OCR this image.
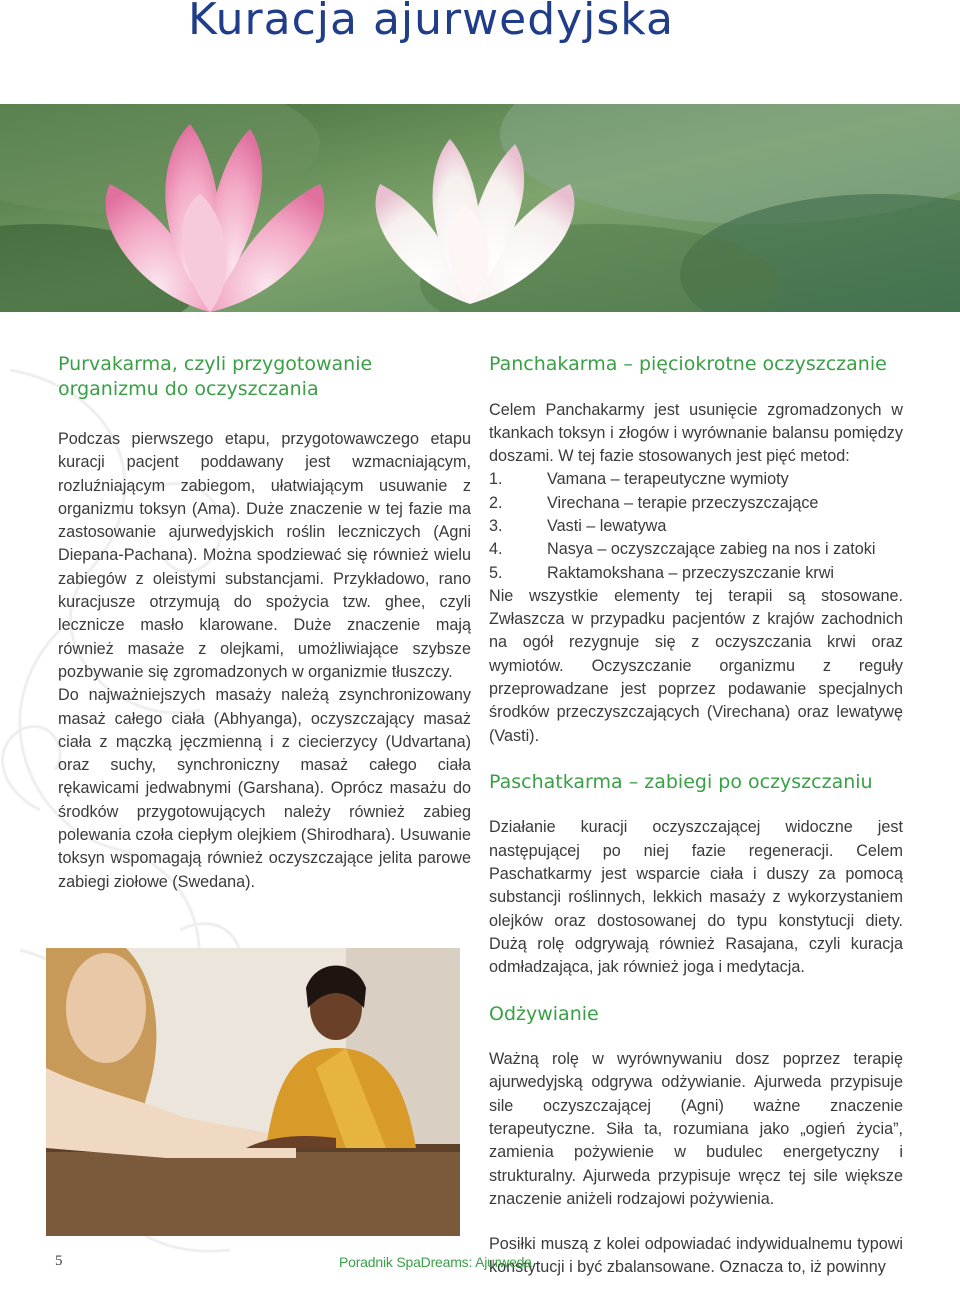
Kuracja ajurwedyjska
Purvakarma, czyli przygotowanie organizmu do oczyszczania

Podczas pierwszego etapu, przygotowawczego etapu kuracji pacjent poddawany jest wzmacniającym, rozluźniającym zabiegom, ułatwiającym usuwanie z organizmu toksyn (Ama). Duże znaczenie w tej fazie ma zastosowanie ajurwedyjskich roślin leczniczych (Agni Diepana-Pachana). Można spodziewać się również wielu zabiegów z oleistymi substancjami. Przykładowo, rano kuracjusze otrzymują do spożycia tzw. ghee, czyli lecznicze masło klarowane. Duże znaczenie mają również masaże z olejkami, umożliwiające szybsze pozbywanie się zgromadzonych w organizmie tłuszczy.

Do najważniejszych masaży należą zsynchronizowany masaż całego ciała (Abhyanga), oczyszczający masaż ciała z mączką jęczmienną i z ciecierzycy (Udvartana) oraz suchy, synchroniczny masaż całego ciała rękawicami jedwabnymi (Garshana). Oprócz masażu do środków przygotowujących należy również zabieg polewania czoła ciepłym olejkiem (Shirodhara). Usuwanie toksyn wspomagają również oczyszczające jelita parowe zabiegi ziołowe (Swedana).

Panchakarma – pięciokrotne oczyszczanie

Celem Panchakarmy jest usunięcie zgromadzonych w tkankach toksyn i złogów i wyrównanie balansu pomiędzy doszami. W tej fazie stosowanych jest pięć metod:

1.	Vamana – terapeutyczne wymioty
2.	Virechana – terapie przeczyszczające
3.	Vasti – lewatywa
4.	Nasya – oczyszczające zabieg na nos i zatoki
5.	Raktamokshana – przeczyszczanie krwi

Nie wszystkie elementy tej terapii są stosowane. Zwłaszcza w przypadku pacjentów z krajów zachodnich na ogół rezygnuje się z oczyszczania krwi oraz wymiotów. Oczyszczanie organizmu z reguły przeprowadzane jest poprzez podawanie specjalnych środków przeczyszczających (Virechana) oraz lewatywę (Vasti).

Paschatkarma – zabiegi po oczyszczaniu

Działanie kuracji oczyszczającej widoczne jest następującej po niej fazie regeneracji. Celem Paschatkarmy jest wsparcie ciała i duszy za pomocą substancji roślinnych, lekkich masaży z wykorzystaniem olejków oraz dostosowanej do typu konstytucji diety. Dużą rolę odgrywają również Rasajana, czyli kuracja odmładzająca, jak również joga i medytacja.

Odżywianie

Ważną rolę w wyrównywaniu dosz poprzez terapię ajurwedyjską odgrywa odżywianie. Ajurweda przypisuje sile oczyszczającej (Agni) ważne znaczenie terapeutyczne. Siła ta, rozumiana jako „ogień życia”, zamienia pożywienie w budulec energetyczny i strukturalny. Ajurweda przypisuje wręcz tej sile większe znaczenie aniżeli rodzajowi pożywienia.

Posiłki muszą z kolei odpowiadać indywidualnemu typowi konstytucji i być zbalansowane. Oznacza to, iż powinny

5	Poradnik SpaDreams: Ajurweda
